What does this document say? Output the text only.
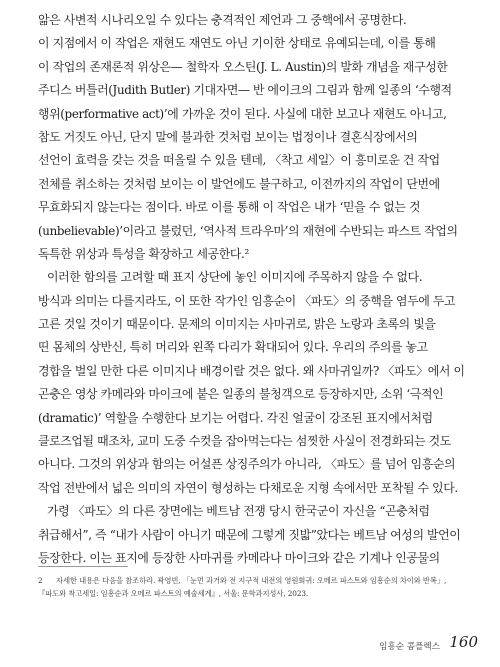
앎은 사변적 시나리오일 수 있다는 충격적인 제언과 그 중핵에서 공명한다.
이 지점에서 이 작업은 재현도 재연도 아닌 기이한 상태로 유예되는데, 이를 통해
이 작업의 존재론적 위상은— 철학자 오스틴(J. L. Austin)의 발화 개념을 재구성한
주디스 버틀러(Judith Butler) 기대자면— 반 에이크의 그림과 함께 일종의 ‘수행적
행위(performative act)’에 가까운 것이 된다. 사실에 대한 보고나 재현도 아니고,
참도 거짓도 아닌, 단지 말에 불과한 것처럼 보이는 법정이나 결혼식장에서의
선언이 효력을 갖는 것을 떠올릴 수 있을 텐데, 〈착고 세일〉이 흥미로운 건 작업
전체를 취소하는 것처럼 보이는 이 발언에도 불구하고, 이전까지의 작업이 단번에
무효화되지 않는다는 점이다. 바로 이를 통해 이 작업은 내가 ‘믿을 수 없는 것
(unbelievable)’이라고 불렀던, ‘역사적 트라우마’의 재현에 수반되는 파스트 작업의
독특한 위상과 특성을 확장하고 세공한다.²
이러한 함의를 고려할 때 표지 상단에 놓인 이미지에 주목하지 않을 수 없다.
방식과 의미는 다를지라도, 이 또한 작가인 임흥순이 〈파도〉의 중핵을 염두에 두고
고른 것일 것이기 때문이다. 문제의 이미지는 사마귀로, 밝은 노랑과 초록의 빛을
띤 몸체의 상반신, 특히 머리와 왼쪽 다리가 확대되어 있다. 우리의 주의를 놓고
경합을 벌일 만한 다른 이미지나 배경이랄 것은 없다. 왜 사마귀일까? 〈파도〉에서 이
곤충은 영상 카메라와 마이크에 붙은 일종의 불청객으로 등장하지만, 소위 ‘극적인
(dramatic)’ 역할을 수행한다 보기는 어렵다. 각진 얼굴이 강조된 표지에서처럼
클로즈업될 때조차, 교미 도중 수컷을 잡아먹는다는 섬찟한 사실이 전경화되는 것도
아니다. 그것의 위상과 함의는 어설픈 상징주의가 아니라, 〈파도〉를 넘어 임흥순의
작업 전반에서 넓은 의미의 자연이 형성하는 다채로운 지형 속에서만 포착될 수 있다.
가령 〈파도〉의 다른 장면에는 베트남 전쟁 당시 한국군이 자신을 “곤충처럼
취급해서”, 즉 “내가 사람이 아니기 때문에 그렇게 짓밟”았다는 베트남 여성의 발언이
등장한다. 이는 표지에 등장한 사마귀를 카메라나 마이크와 같은 기계나 인공물의
2 자세한 내용은 다음을 참조하라. 곽영빈, 「눈먼 과거와 전 지구적 내전의 영원회귀: 오메르 파스트와 임흥순의 차이와 반복」,
『파도와 착고세일: 임흥순과 오메르 파스트의 예술세계』, 서울: 문학과지성사, 2023.
임흥순 콤플렉스 160
